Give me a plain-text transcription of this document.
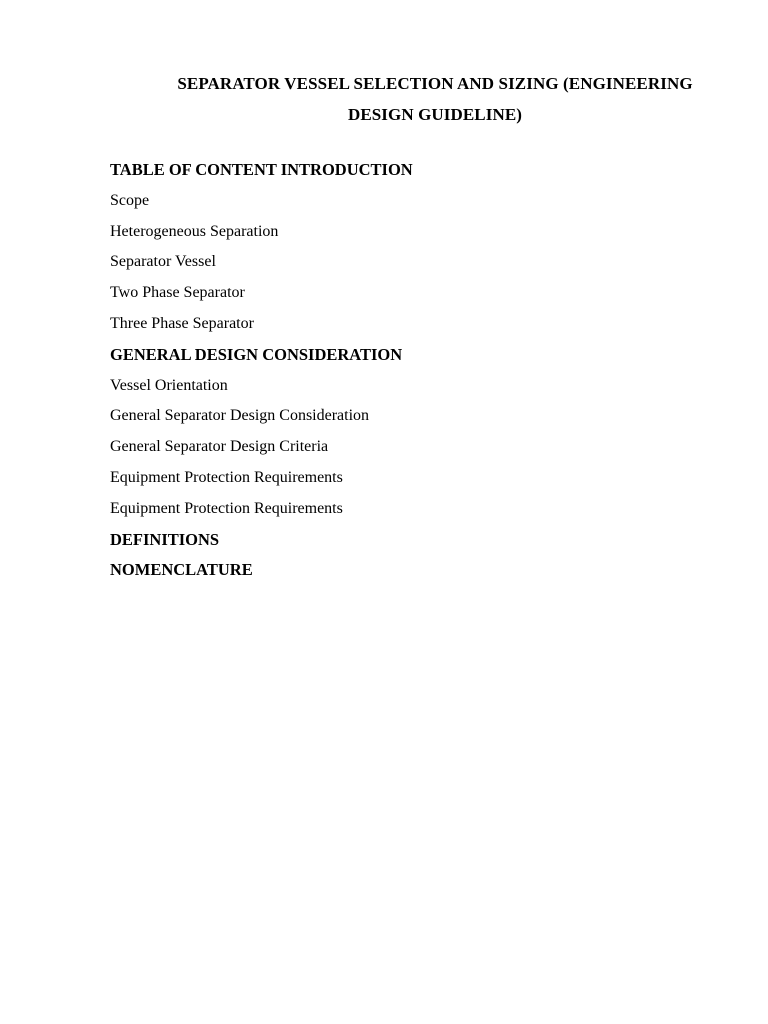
SEPARATOR VESSEL SELECTION AND SIZING (ENGINEERING
DESIGN GUIDELINE)
TABLE OF CONTENT INTRODUCTION
Scope
Heterogeneous Separation
Separator Vessel
Two Phase Separator
Three Phase Separator
GENERAL DESIGN CONSIDERATION
Vessel Orientation
General Separator Design Consideration
General Separator Design Criteria
Equipment Protection Requirements
Equipment Protection Requirements
DEFINITIONS
NOMENCLATURE
